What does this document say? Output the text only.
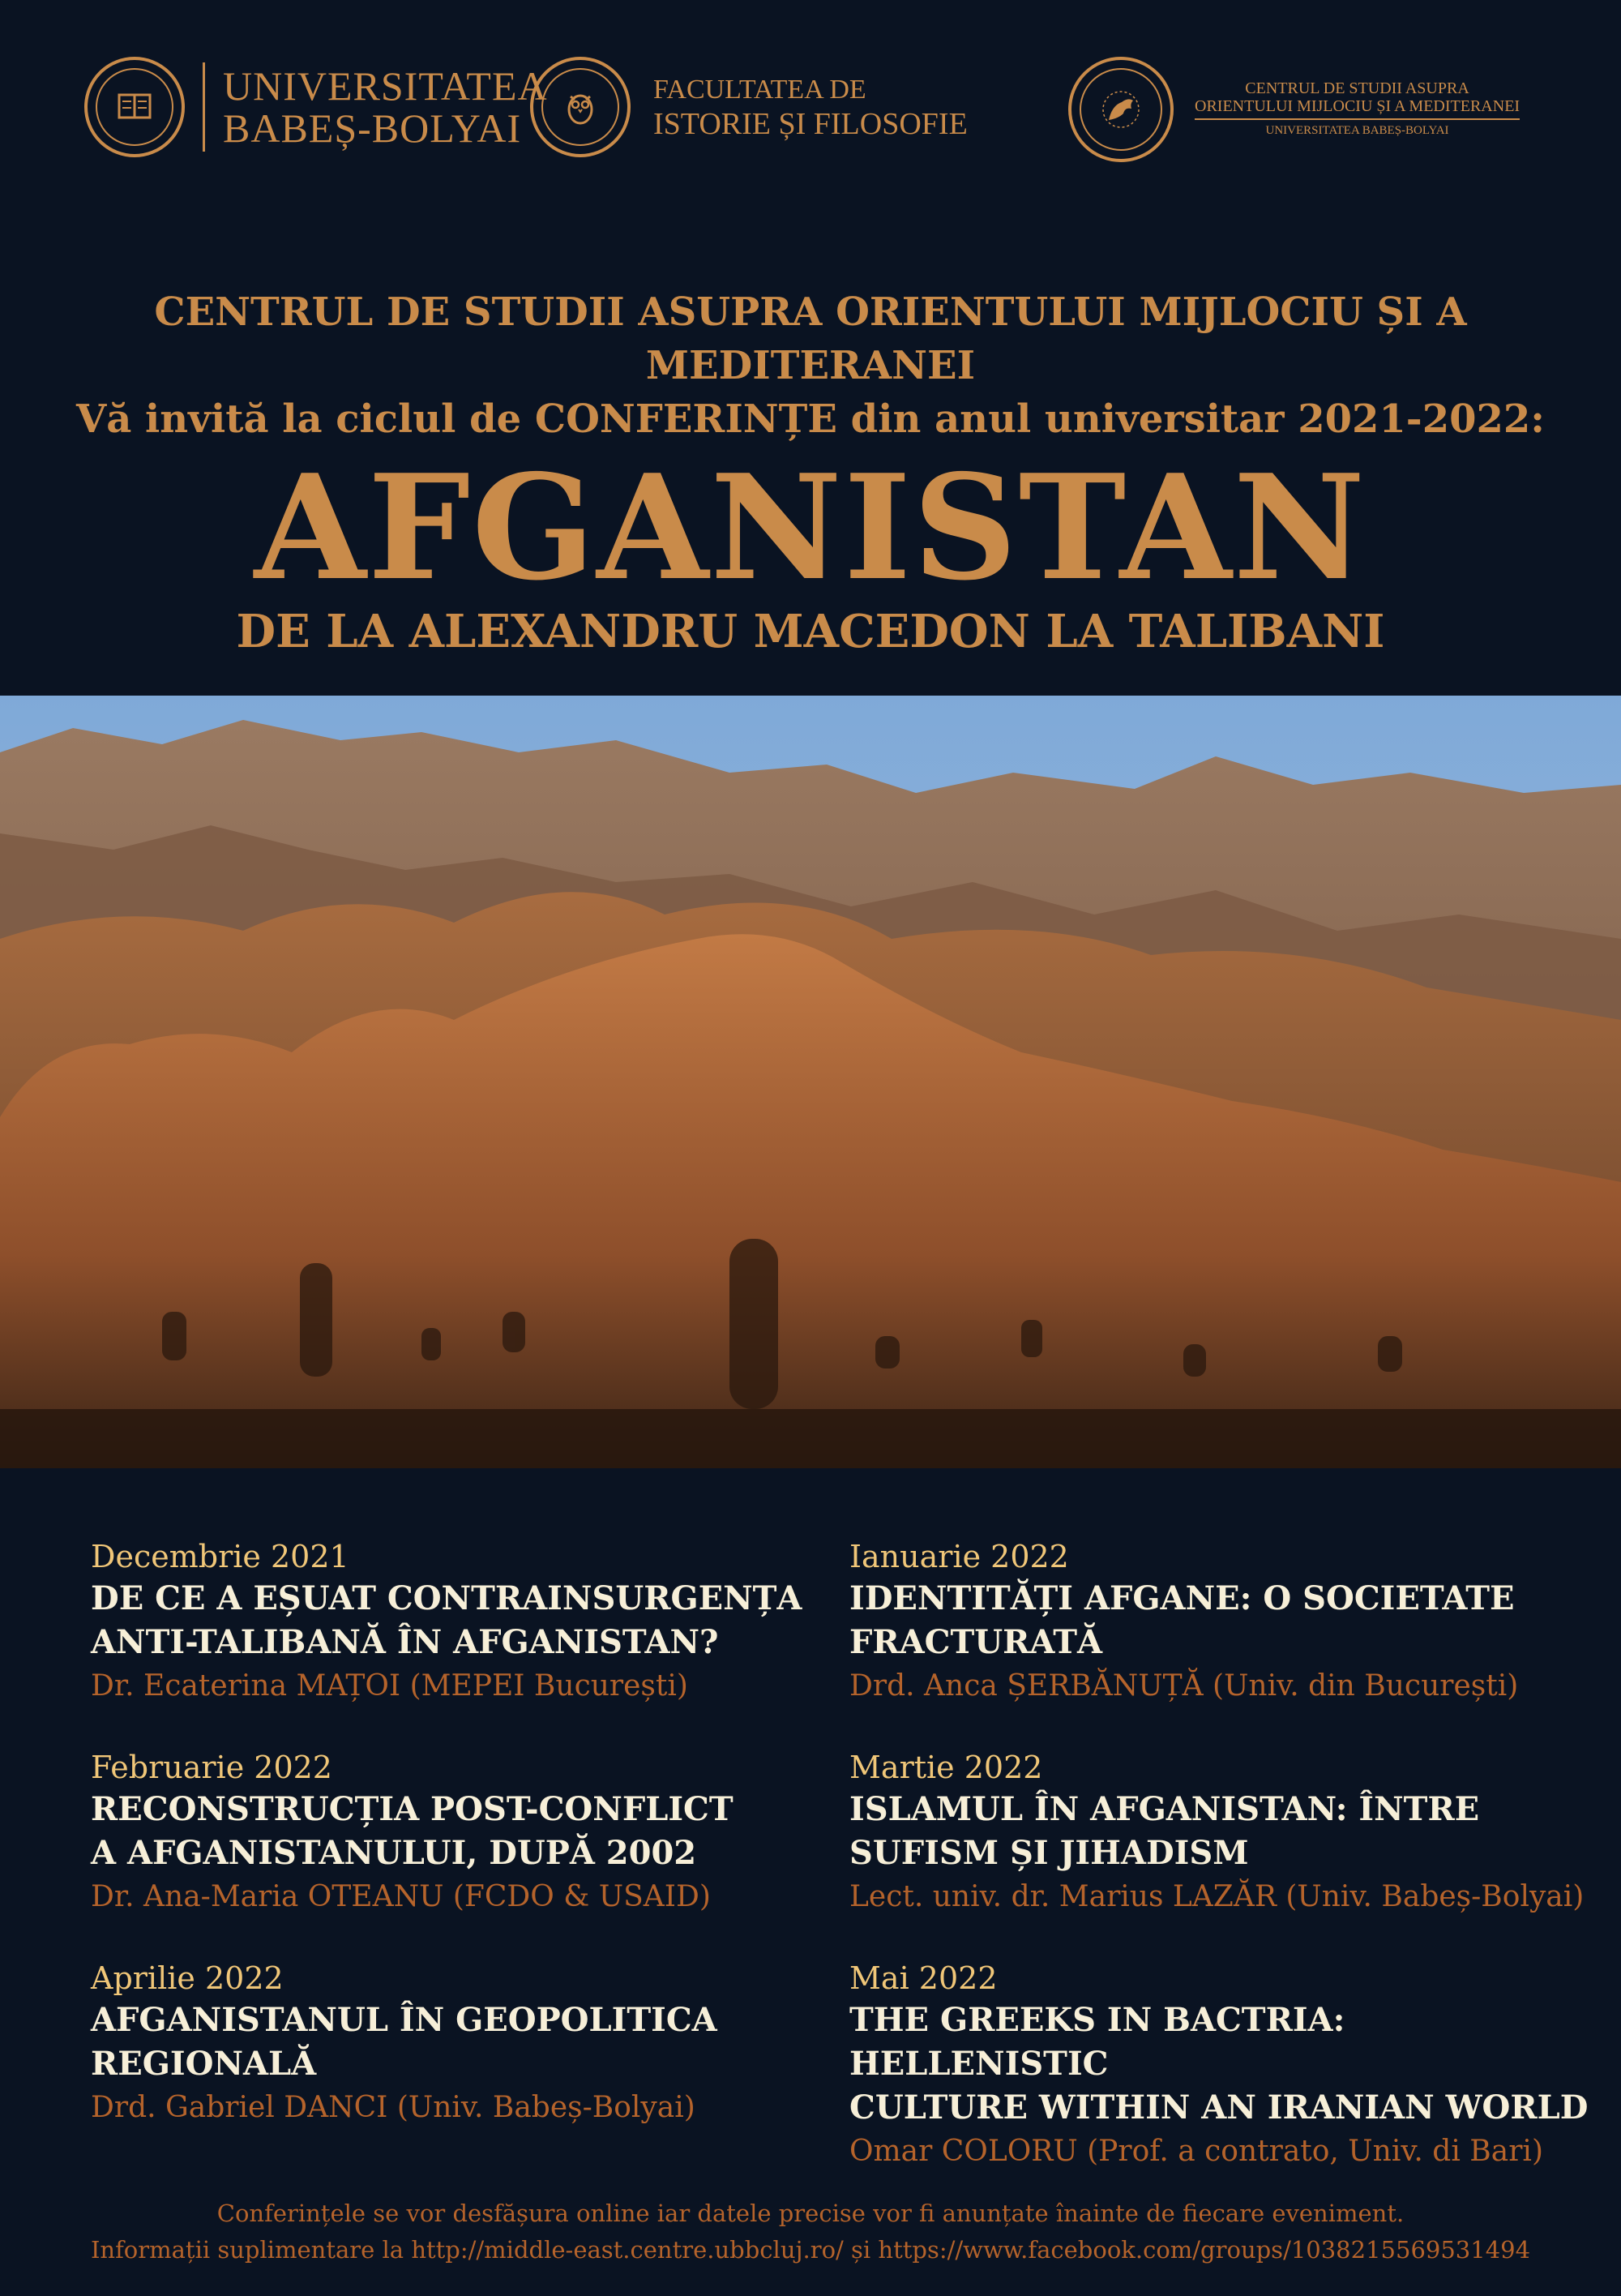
UNIVERSITATEA
BABEȘ-BOLYAI
FACULTATEA DE
ISTORIE ȘI FILOSOFIE
CENTRUL DE STUDII ASUPRA
ORIENTULUI MIJLOCIU ȘI A MEDITERANEI
UNIVERSITATEA BABEȘ-BOLYAI
CENTRUL DE STUDII ASUPRA ORIENTULUI MIJLOCIU ȘI A MEDITERANEI
Vă invită la ciclul de CONFERINȚE din anul universitar 2021-2022:
AFGANISTAN
DE LA ALEXANDRU MACEDON LA TALIBANI
Decembrie 2021
DE CE A EȘUAT CONTRAINSURGENȚA
ANTI-TALIBANĂ ÎN AFGANISTAN?
Dr. Ecaterina MAȚOI (MEPEI București)
Ianuarie 2022
IDENTITĂȚI AFGANE: O SOCIETATE
FRACTURATĂ
Drd. Anca ȘERBĂNUȚĂ (Univ. din București)
Februarie 2022
RECONSTRUCȚIA POST-CONFLICT
A AFGANISTANULUI, DUPĂ 2002
Dr. Ana-Maria OTEANU (FCDO & USAID)
Martie 2022
ISLAMUL ÎN AFGANISTAN: ÎNTRE
SUFISM ȘI JIHADISM
Lect. univ. dr. Marius LAZĂR (Univ. Babeș-Bolyai)
Aprilie 2022
AFGANISTANUL ÎN GEOPOLITICA
REGIONALĂ
Drd. Gabriel DANCI (Univ. Babeș-Bolyai)
Mai 2022
THE GREEKS IN BACTRIA: HELLENISTIC
CULTURE WITHIN AN IRANIAN WORLD
Omar COLORU (Prof. a contrato, Univ. di Bari)
Conferințele se vor desfășura online iar datele precise vor fi anunțate înainte de fiecare eveniment.
Informații suplimentare la http://middle-east.centre.ubbcluj.ro/ și https://www.facebook.com/groups/1038215569531494
